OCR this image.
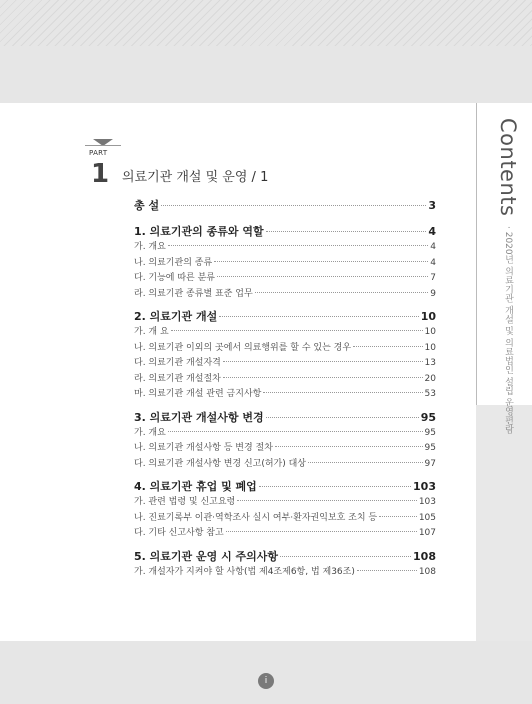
Contents · 2020년 의료기관 개설 및 의료법인 설립 운영편람
PART
1 의료기관 개설 및 운영 / 1
총 설	3
1. 의료기관의 종류와 역할	4
가. 개요	4
나. 의료기관의 종류	4
다. 기능에 따른 분류	7
라. 의료기관 종류별 표준 업무	9
2. 의료기관 개설	10
가. 개 요	10
나. 의료기관 이외의 곳에서 의료행위를 할 수 있는 경우	10
다. 의료기관 개설자격	13
라. 의료기관 개설절차	20
마. 의료기관 개설 관련 금지사항	53
3. 의료기관 개설사항 변경	95
가. 개요	95
나. 의료기관 개설사항 등 변경 절차	95
다. 의료기관 개설사항 변경 신고(허가) 대상	97
4. 의료기관 휴업 및 폐업	103
가. 관련 법령 및 신고요령	103
나. 진료기록부 이관·역학조사 실시 여부·환자권익보호 조치 등	105
다. 기타 신고사항 참고	107
5. 의료기관 운영 시 주의사항	108
가. 개설자가 지켜야 할 사항(법 제4조제6항, 법 제36조)	108
i
